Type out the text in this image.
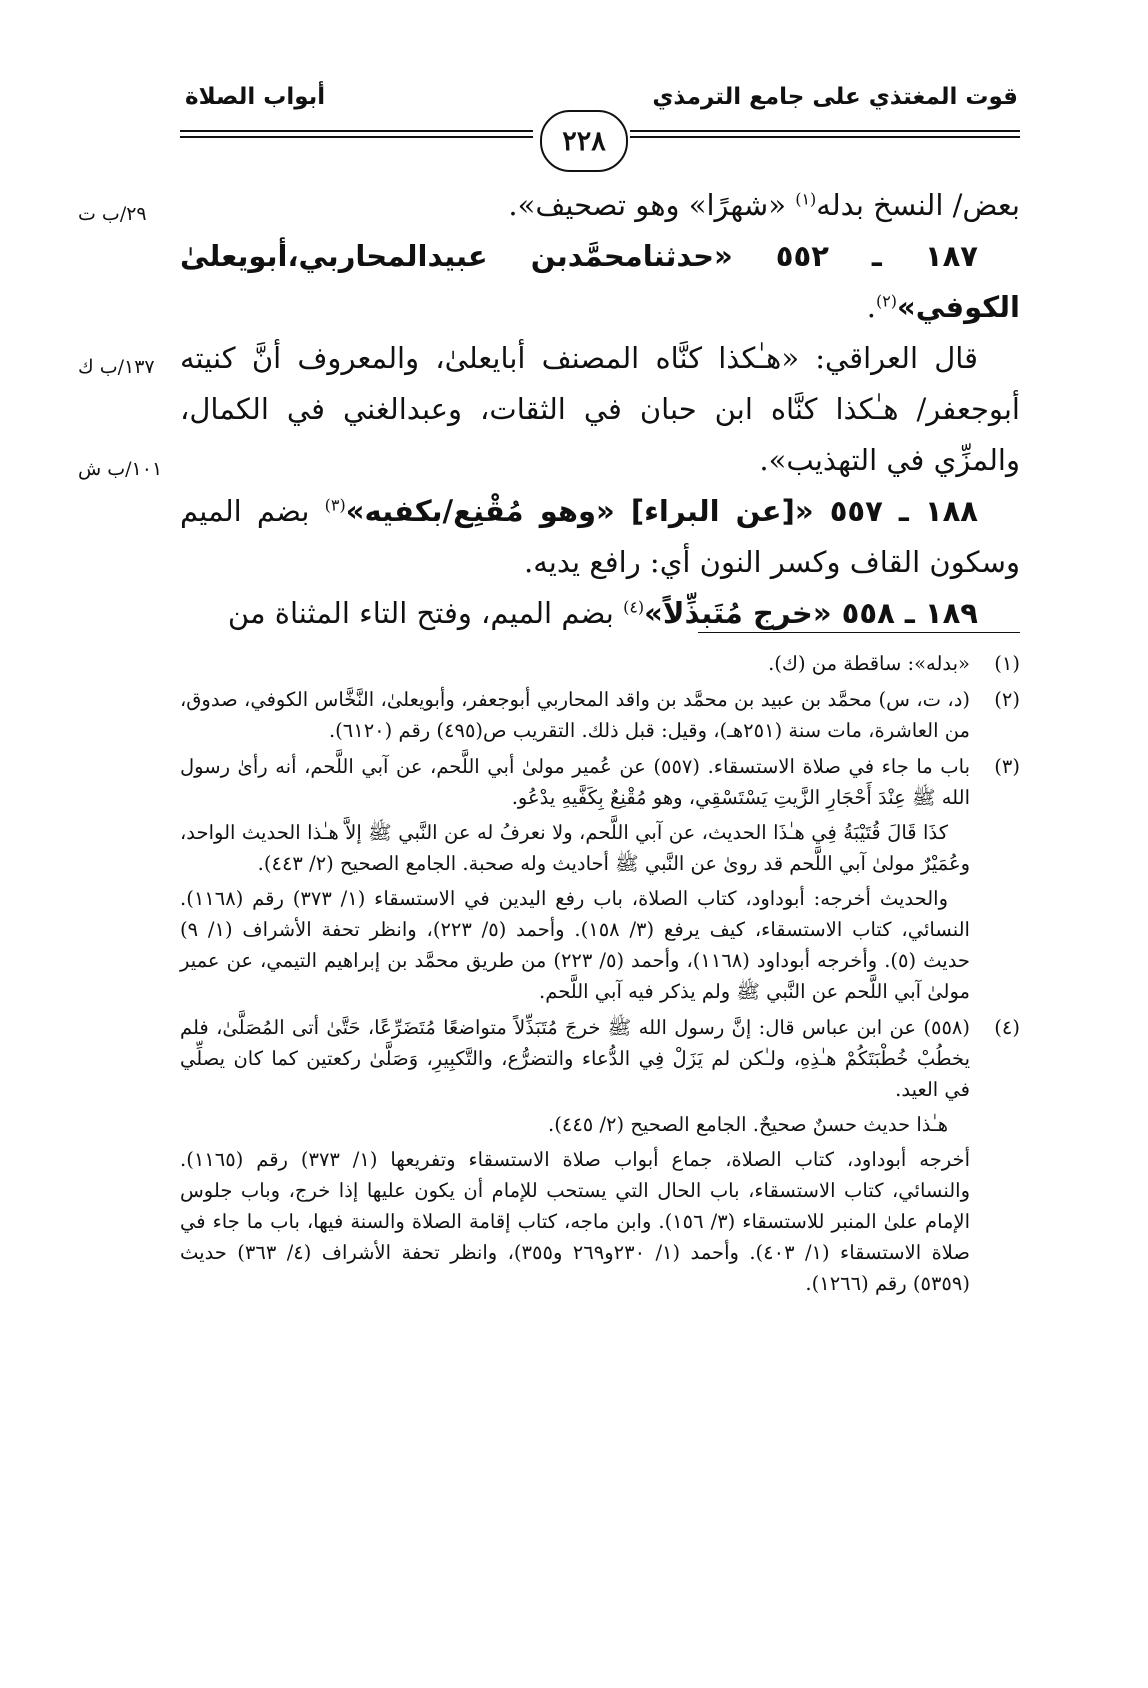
قوت المغتذي على جامع الترمذي
أبواب الصلاة
٢٢٨
٢٩/ب ت
١٣٧/ب ك
١٠١/ب ش

بعض/ النسخ بدله$^{(١)}$ «شهرًا» وهو تصحيف».

١٨٧ ـ ٥٥٢ «حدثنامحمَّدبن عبيدالمحاربي،أبويعلىٰ الكوفي»$^{(٢)}$.

قال العراقي: «هـٰكذا كنَّاه المصنف أبايعلىٰ، والمعروف أنَّ كنيته أبوجعفر/ هـٰكذا كنَّاه ابن حبان في الثقات، وعبدالغني في الكمال، والمزِّي في التهذيب».

١٨٨ ـ ٥٥٧ «[عن البراء] «وهو مُقْنِع/بكفيه»$^{(٣)}$ بضم الميم وسكون القاف وكسر النون أي: رافع يديه.

١٨٩ ـ ٥٥٨ «خرج مُتَبذِّلاً»$^{(٤)}$ بضم الميم، وفتح التاء المثناة من

(١)

«بدله»: ساقطة من (ك).

(٢)

(د، ت، س) محمَّد بن عبيد بن محمَّد بن واقد المحاربي أبوجعفر، وأبويعلىٰ، النَّخَّاس الكوفي، صدوق، من العاشرة، مات سنة (٢٥١هـ)، وقيل: قبل ذلك. التقريب ص(٤٩٥) رقم (٦١٢٠).

(٣)

باب ما جاء في صلاة الاستسقاء. (٥٥٧) عن عُمير مولىٰ أبي اللَّحم، عن آبي اللَّحم، أنه رأىٰ رسول الله ﷺ عِنْدَ أَحْجَارِ الزَّيتِ يَسْتَسْقِي، وهو مُقْنِعٌ بِكَفَّيهِ يدْعُو.

كذَا قَالَ قُتَيْبَةُ فِي هـٰذَا الحديث، عن آبي اللَّحم، ولا نعرفُ له عن النَّبي ﷺ إلاَّ هـٰذا الحديث الواحد، وعُمَيْرٌ مولىٰ آبي اللَّحم قد روىٰ عن النَّبي ﷺ أحاديث وله صحبة. الجامع الصحيح (٢/ ٤٤٣).

والحديث أخرجه: أبوداود، كتاب الصلاة، باب رفع اليدين في الاستسقاء (١/ ٣٧٣) رقم (١١٦٨). النسائي، كتاب الاستسقاء، كيف يرفع (٣/ ١٥٨). وأحمد (٥/ ٢٢٣)، وانظر تحفة الأشراف (١/ ٩) حديث (٥). وأخرجه أبوداود (١١٦٨)، وأحمد (٥/ ٢٢٣) من طريق محمَّد بن إبراهيم التيمي، عن عمير مولىٰ آبي اللَّحم عن النَّبي ﷺ ولم يذكر فيه آبي اللَّحم.

(٤)

(٥٥٨) عن ابن عباس قال: إنَّ رسول الله ﷺ خرجَ مُتَبَذِّلاً متواضعًا مُتَضَرِّعًا، حَتَّىٰ أتى المُصَلَّىٰ، فلم يخطُبْ خُطْبَتَكُمْ هـٰذِهِ، ولـٰكن لم يَزَلْ فِي الدُّعاء والتضرُّع، والتَّكبِيرِ، وَصَلَّىٰ ركعتين كما كان يصلِّي في العيد.

هـٰذا حديث حسنٌ صحيحٌ. الجامع الصحيح (٢/ ٤٤٥).

أخرجه أبوداود، كتاب الصلاة، جماع أبواب صلاة الاستسقاء وتفريعها (١/ ٣٧٣) رقم (١١٦٥). والنسائي، كتاب الاستسقاء، باب الحال التي يستحب للإمام أن يكون عليها إذا خرج، وباب جلوس الإمام علىٰ المنبر للاستسقاء (٣/ ١٥٦). وابن ماجه، كتاب إقامة الصلاة والسنة فيها، باب ما جاء في صلاة الاستسقاء (١/ ٤٠٣). وأحمد (١/ ٢٣٠و٢٦٩ و٣٥٥)، وانظر تحفة الأشراف (٤/ ٣٦٣) حديث (٥٣٥٩) رقم (١٢٦٦).
